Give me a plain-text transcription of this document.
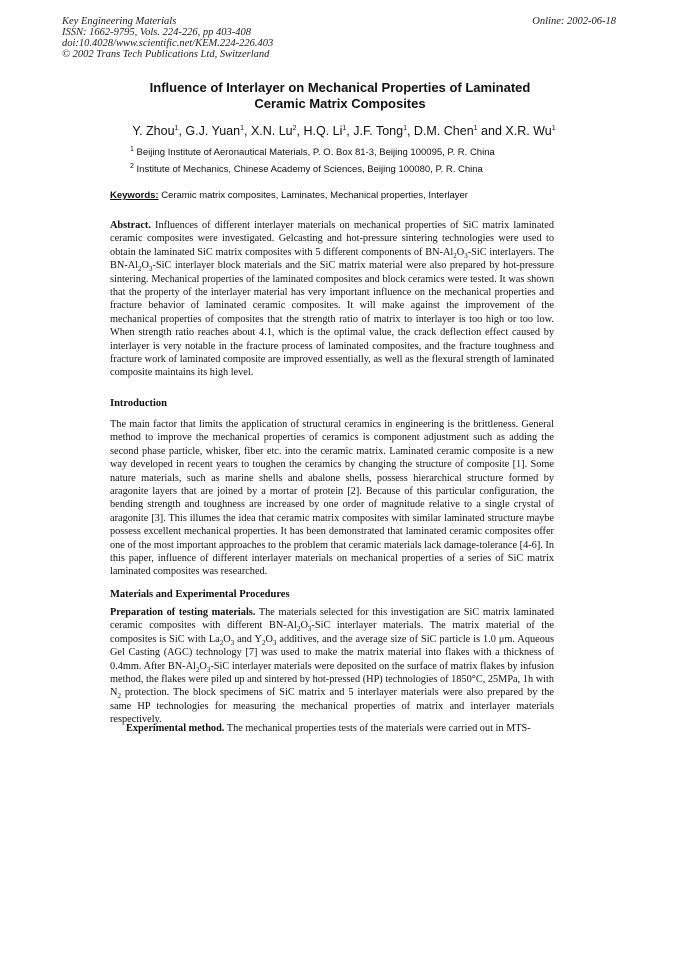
Key Engineering Materials
ISSN: 1662-9795, Vols. 224-226, pp 403-408
doi:10.4028/www.scientific.net/KEM.224-226.403
© 2002 Trans Tech Publications Ltd, Switzerland
Online: 2002-06-18
Influence of Interlayer on Mechanical Properties of Laminated
Ceramic Matrix Composites
Y. Zhou$^1$, G.J. Yuan$^1$, X.N. Lu$^2$, H.Q. Li$^1$, J.F. Tong$^1$, D.M. Chen$^1$ and X.R. Wu$^1$
$^1$ Beijing Institute of Aeronautical Materials, P. O. Box 81-3, Beijing 100095, P. R. China
$^2$ Institute of Mechanics, Chinese Academy of Sciences, Beijing 100080, P. R. China
Keywords: Ceramic matrix composites, Laminates, Mechanical properties, Interlayer
Abstract. Influences of different interlayer materials on mechanical properties of SiC matrix laminated ceramic composites were investigated. Gelcasting and hot-pressure sintering technologies were used to obtain the laminated SiC matrix composites with 5 different components of $BN-Al_2O_3$-SiC interlayers. The $BN-Al_2O_3$-SiC interlayer block materials and the SiC matrix material were also prepared by hot-pressure sintering. Mechanical properties of the laminated composites and block ceramics were tested. It was shown that the property of the interlayer material has very important influence on the mechanical properties and fracture behavior of laminated ceramic composites. It will make against the improvement of the mechanical properties of composites that the strength ratio of matrix to interlayer is too high or too low. When strength ratio reaches about 4.1, which is the optimal value, the crack deflection effect caused by interlayer is very notable in the fracture process of laminated composites, and the fracture toughness and fracture work of laminated composite are improved essentially, as well as the flexural strength of laminated composite maintains its high level.
Introduction
The main factor that limits the application of structural ceramics in engineering is the brittleness. General method to improve the mechanical properties of ceramics is component adjustment such as adding the second phase particle, whisker, fiber etc. into the ceramic matrix. Laminated ceramic composite is a new way developed in recent years to toughen the ceramics by changing the structure of composite [1]. Some nature materials, such as marine shells and abalone shells, possess hierarchical structure formed by aragonite layers that are joined by a mortar of protein [2]. Because of this particular configuration, the bending strength and toughness are increased by one order of magnitude relative to a single crystal of aragonite [3]. This illumes the idea that ceramic matrix composites with similar laminated structure maybe possess excellent mechanical properties. It has been demonstrated that laminated ceramic composites offer one of the most important approaches to the problem that ceramic materials lack damage-tolerance [4-6]. In this paper, influence of different interlayer materials on mechanical properties of a series of SiC matrix laminated composites was researched.
Materials and Experimental Procedures
Preparation of testing materials. The materials selected for this investigation are SiC matrix laminated ceramic composites with different $BN-Al_2O_3$-SiC interlayer materials. The matrix material of the composites is SiC with $La_2O_3$ and $Y_2O_3$ additives, and the average size of SiC particle is 1.0 μm. Aqueous Gel Casting (AGC) technology [7] was used to make the matrix material into flakes with a thickness of 0.4mm. After $BN-Al_2O_3$-SiC interlayer materials were deposited on the surface of matrix flakes by infusion method, the flakes were piled up and sintered by hot-pressed (HP) technologies of 1850°C, 25MPa, 1h with $N_2$ protection. The block specimens of SiC matrix and 5 interlayer materials were also prepared by the same HP technologies for measuring the mechanical properties of matrix and interlayer materials respectively.
Experimental method. The mechanical properties tests of the materials were carried out in MTS-
